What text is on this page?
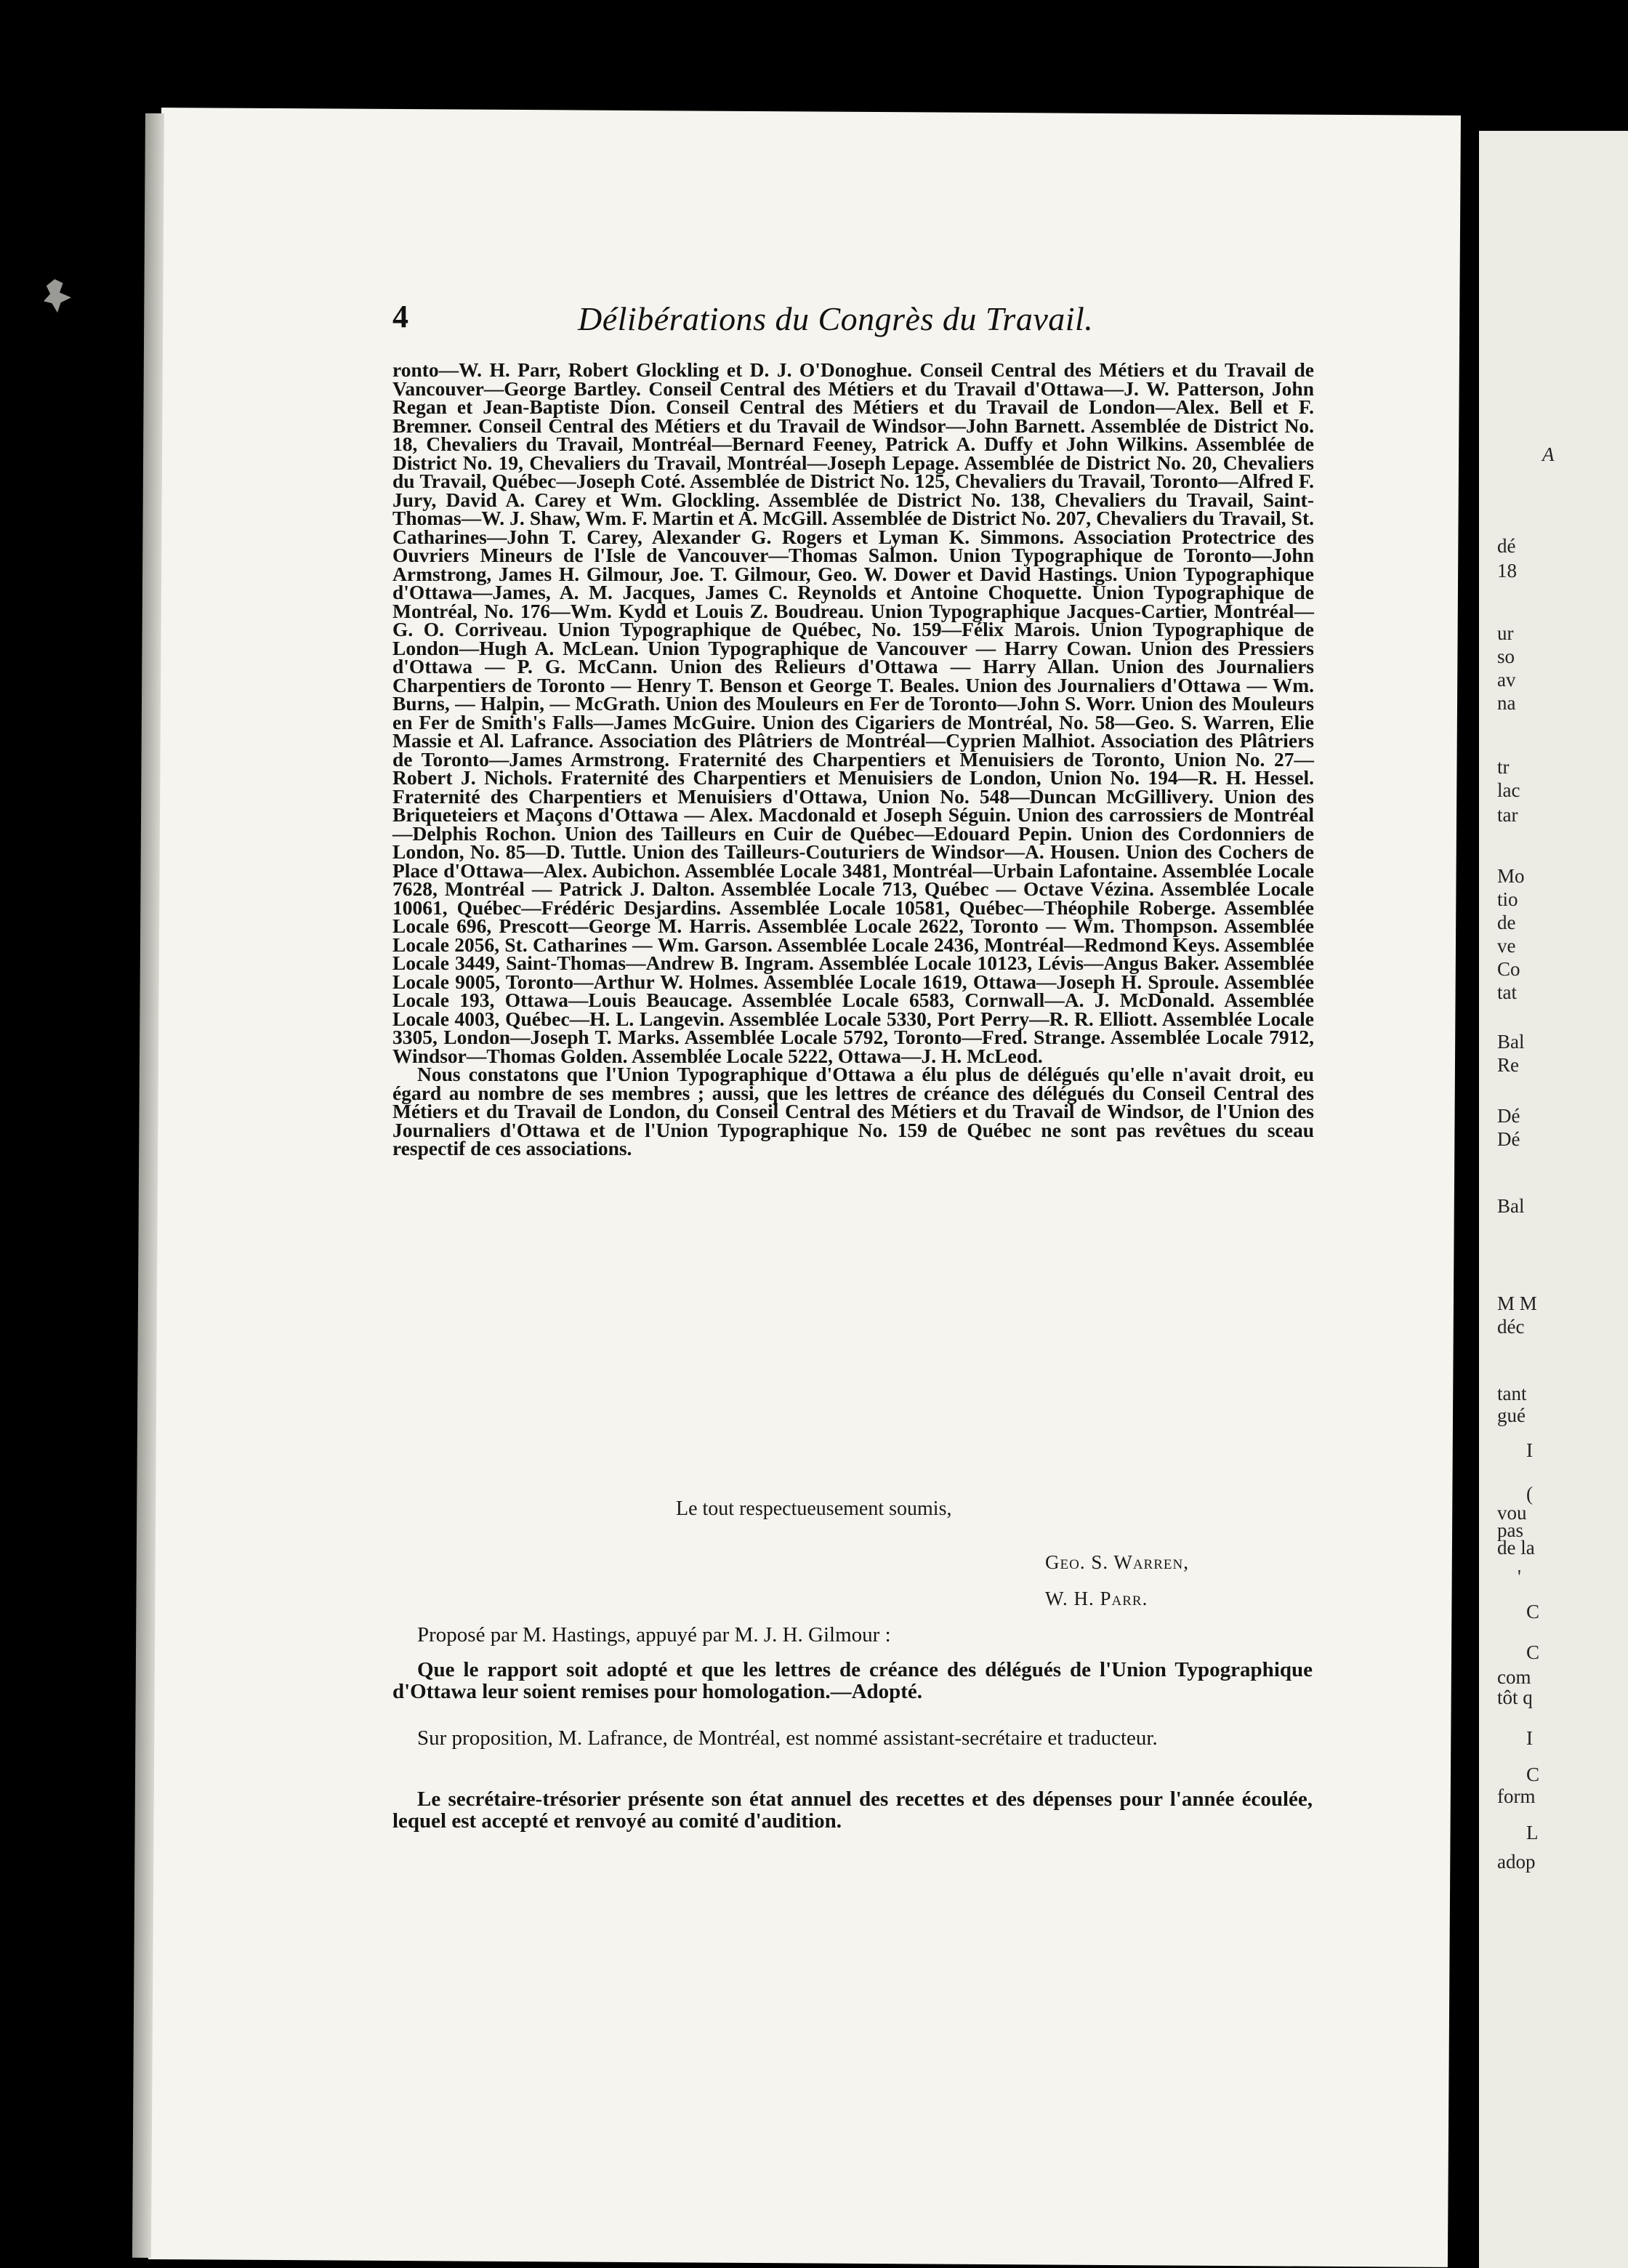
A
dé
18
ur
so
av
na
tr
lac
tar
Mo
tio
de
ve
Co
tat
Bal
Re
Dé
Dé
Bal
M M
déc
tant
gué
I
(
vou
pas
de la
'
C
C
com
tôt q
I
C
form
L
adop
4	Délibérations du Congrès du Travail.

ronto—W. H. Parr, Robert Glockling et D. J. O'Donoghue. Conseil Central des Métiers et du Travail de Vancouver—George Bartley. Conseil Central des Métiers et du Travail d'Ottawa—J. W. Patterson, John Regan et Jean-Baptiste Dion. Conseil Central des Métiers et du Travail de London—Alex. Bell et F. Bremner. Conseil Central des Métiers et du Travail de Windsor—John Barnett. Assemblée de District No. 18, Chevaliers du Travail, Montréal—Bernard Feeney, Patrick A. Duffy et John Wilkins. Assemblée de District No. 19, Chevaliers du Travail, Montréal—Joseph Lepage. Assemblée de District No. 20, Chevaliers du Travail, Québec—Joseph Coté. Assemblée de District No. 125, Chevaliers du Travail, Toronto—Alfred F. Jury, David A. Carey et Wm. Glockling. Assemblée de District No. 138, Chevaliers du Travail, Saint-Thomas—W. J. Shaw, Wm. F. Martin et A. McGill. Assemblée de District No. 207, Chevaliers du Travail, St. Catharines—John T. Carey, Alexander G. Rogers et Lyman K. Simmons. Association Protectrice des Ouvriers Mineurs de l'Isle de Vancouver—Thomas Salmon. Union Typographique de Toronto—John Armstrong, James H. Gilmour, Joe. T. Gilmour, Geo. W. Dower et David Hastings. Union Typographique d'Ottawa—James, A. M. Jacques, James C. Reynolds et Antoine Choquette. Union Typographique de Montréal, No. 176—Wm. Kydd et Louis Z. Boudreau. Union Typographique Jacques-Cartier, Montréal—G. O. Corriveau. Union Typographique de Québec, No. 159—Félix Marois. Union Typographique de London—Hugh A. McLean. Union Typographique de Vancouver — Harry Cowan. Union des Pressiers d'Ottawa — P. G. McCann. Union des Relieurs d'Ottawa — Harry Allan. Union des Journaliers Charpentiers de Toronto — Henry T. Benson et George T. Beales. Union des Journaliers d'Ottawa — Wm. Burns, — Halpin, — McGrath. Union des Mouleurs en Fer de Toronto—John S. Worr. Union des Mouleurs en Fer de Smith's Falls—James McGuire. Union des Cigariers de Montréal, No. 58—Geo. S. Warren, Elie Massie et Al. Lafrance. Association des Plâtriers de Montréal—Cyprien Malhiot. Association des Plâtriers de Toronto—James Armstrong. Fraternité des Charpentiers et Menuisiers de Toronto, Union No. 27—Robert J. Nichols. Fraternité des Charpentiers et Menuisiers de London, Union No. 194—R. H. Hessel. Fraternité des Charpentiers et Menuisiers d'Ottawa, Union No. 548—Duncan McGillivery. Union des Briqueteiers et Maçons d'Ottawa — Alex. Macdonald et Joseph Séguin. Union des carrossiers de Montréal—Delphis Rochon. Union des Tailleurs en Cuir de Québec—Edouard Pepin. Union des Cordonniers de London, No. 85—D. Tuttle. Union des Tailleurs-Couturiers de Windsor—A. Housen. Union des Cochers de Place d'Ottawa—Alex. Aubichon. Assemblée Locale 3481, Montréal—Urbain Lafontaine. Assemblée Locale 7628, Montréal — Patrick J. Dalton. Assemblée Locale 713, Québec — Octave Vézina. Assemblée Locale 10061, Québec—Frédéric Desjardins. Assemblée Locale 10581, Québec—Théophile Roberge. Assemblée Locale 696, Prescott—George M. Harris. Assemblée Locale 2622, Toronto — Wm. Thompson. Assemblée Locale 2056, St. Catharines — Wm. Garson. Assemblée Locale 2436, Montréal—Redmond Keys. Assemblée Locale 3449, Saint-Thomas—Andrew B. Ingram. Assemblée Locale 10123, Lévis—Angus Baker. Assemblée Locale 9005, Toronto—Arthur W. Holmes. Assemblée Locale 1619, Ottawa—Joseph H. Sproule. Assemblée Locale 193, Ottawa—Louis Beaucage. Assemblée Locale 6583, Cornwall—A. J. McDonald. Assemblée Locale 4003, Québec—H. L. Langevin. Assemblée Locale 5330, Port Perry—R. R. Elliott. Assemblée Locale 3305, London—Joseph T. Marks. Assemblée Locale 5792, Toronto—Fred. Strange. Assemblée Locale 7912, Windsor—Thomas Golden. Assemblée Locale 5222, Ottawa—J. H. McLeod.

Nous constatons que l'Union Typographique d'Ottawa a élu plus de délégués qu'elle n'avait droit, eu égard au nombre de ses membres ; aussi, que les lettres de créance des délégués du Conseil Central des Métiers et du Travail de London, du Conseil Central des Métiers et du Travail de Windsor, de l'Union des Journaliers d'Ottawa et de l'Union Typographique No. 159 de Québec ne sont pas revêtues du sceau respectif de ces associations.

Le tout respectueusement soumis,
Geo. S. Warren,
W. H. Parr.
Proposé par M. Hastings, appuyé par M. J. H. Gilmour :
Que le rapport soit adopté et que les lettres de créance des délégués de l'Union Typographique d'Ottawa leur soient remises pour homologation.—Adopté.
Sur proposition, M. Lafrance, de Montréal, est nommé assistant-secrétaire et traducteur.
Le secrétaire-trésorier présente son état annuel des recettes et des dépenses pour l'année écoulée, lequel est accepté et renvoyé au comité d'audition.
